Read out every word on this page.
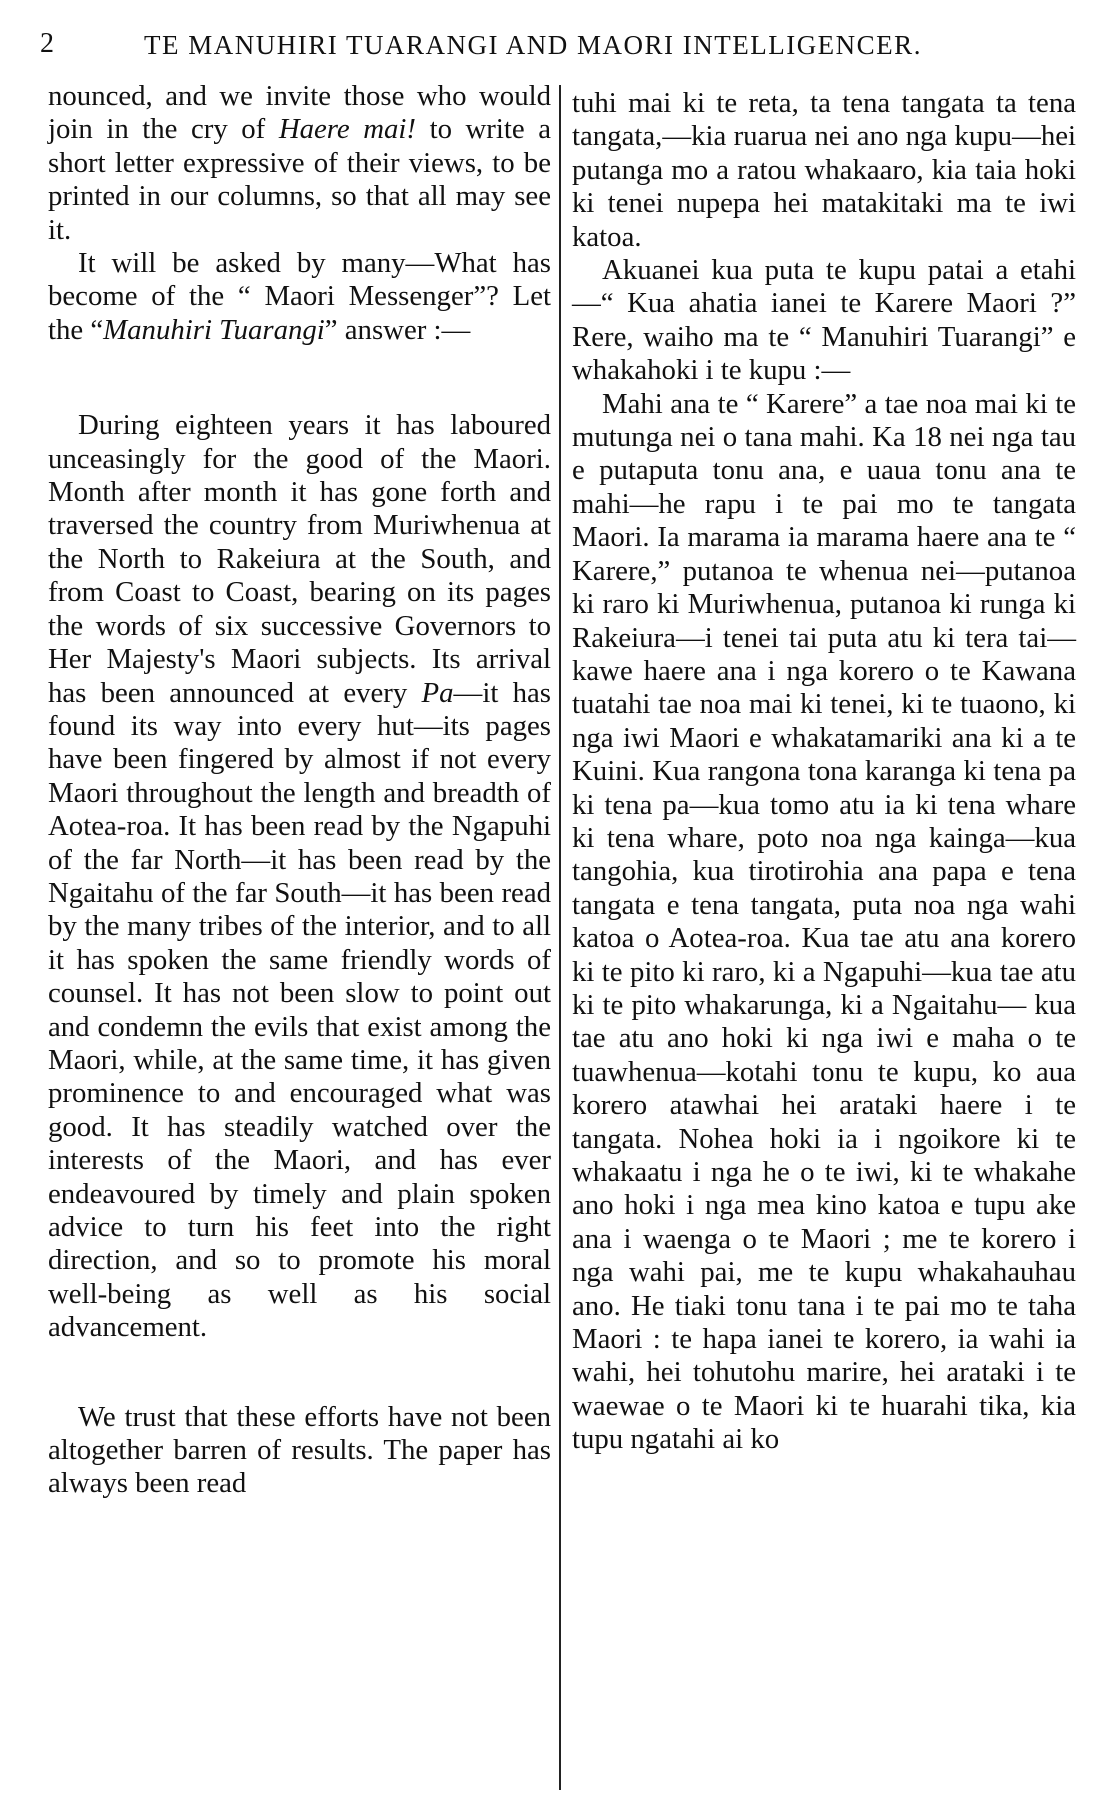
2	TE MANUHIRI TUARANGI AND MAORI INTELLIGENCER.

nounced, and we invite those who would join in the cry of Haere mai! to write a short letter expressive of their views, to be printed in our columns, so that all may see it.

It will be asked by many—What has become of the “ Maori Messenger”? Let the “Manuhiri Tuarangi” answer :—

During eighteen years it has laboured unceasingly for the good of the Maori. Month after month it has gone forth and traversed the country from Muriwhenua at the North to Rakeiura at the South, and from Coast to Coast, bearing on its pages the words of six successive Governors to Her Majesty's Maori subjects. Its arrival has been announced at every Pa—it has found its way into every hut—its pages have been fingered by almost if not every Maori throughout the length and breadth of Aotea-roa. It has been read by the Ngapuhi of the far North—it has been read by the Ngaitahu of the far South—it has been read by the many tribes of the interior, and to all it has spoken the same friendly words of counsel. It has not been slow to point out and condemn the evils that exist among the Maori, while, at the same time, it has given prominence to and encouraged what was good. It has steadily watched over the interests of the Maori, and has ever endeavoured by timely and plain spoken advice to turn his feet into the right direction, and so to promote his moral well-being as well as his social advancement.

We trust that these efforts have not been altogether barren of results. The paper has always been read

tuhi mai ki te reta, ta tena tangata ta tena tangata,—kia ruarua nei ano nga kupu—hei putanga mo a ratou whakaaro, kia taia hoki ki tenei nupepa hei matakitaki ma te iwi katoa.

Akuanei kua puta te kupu patai a etahi—“ Kua ahatia ianei te Karere Maori ?” Rere, waiho ma te “ Manuhiri Tuarangi” e whakahoki i te kupu :—

Mahi ana te “ Karere” a tae noa mai ki te mutunga nei o tana mahi. Ka 18 nei nga tau e putaputa tonu ana, e uaua tonu ana te mahi—he rapu i te pai mo te tangata Maori. Ia marama ia marama haere ana te “ Karere,” putanoa te whenua nei—putanoa ki raro ki Muriwhenua, putanoa ki runga ki Rakeiura—i tenei tai puta atu ki tera tai—kawe haere ana i nga korero o te Kawana tuatahi tae noa mai ki tenei, ki te tuaono, ki nga iwi Maori e whakatamariki ana ki a te Kuini. Kua rangona tona karanga ki tena pa ki tena pa—kua tomo atu ia ki tena whare ki tena whare, poto noa nga kainga—kua tangohia, kua tirotirohia ana papa e tena tangata e tena tangata, puta noa nga wahi katoa o Aotea-roa. Kua tae atu ana korero ki te pito ki raro, ki a Ngapuhi—kua tae atu ki te pito whakarunga, ki a Ngaitahu— kua tae atu ano hoki ki nga iwi e maha o te tuawhenua—kotahi tonu te kupu, ko aua korero atawhai hei arataki haere i te tangata. Nohea hoki ia i ngoikore ki te whakaatu i nga he o te iwi, ki te whakahe ano hoki i nga mea kino katoa e tupu ake ana i waenga o te Maori ; me te korero i nga wahi pai, me te kupu whakahauhau ano. He tiaki tonu tana i te pai mo te taha Maori : te hapa ianei te korero, ia wahi ia wahi, hei tohutohu marire, hei arataki i te waewae o te Maori ki te huarahi tika, kia tupu ngatahi ai ko
